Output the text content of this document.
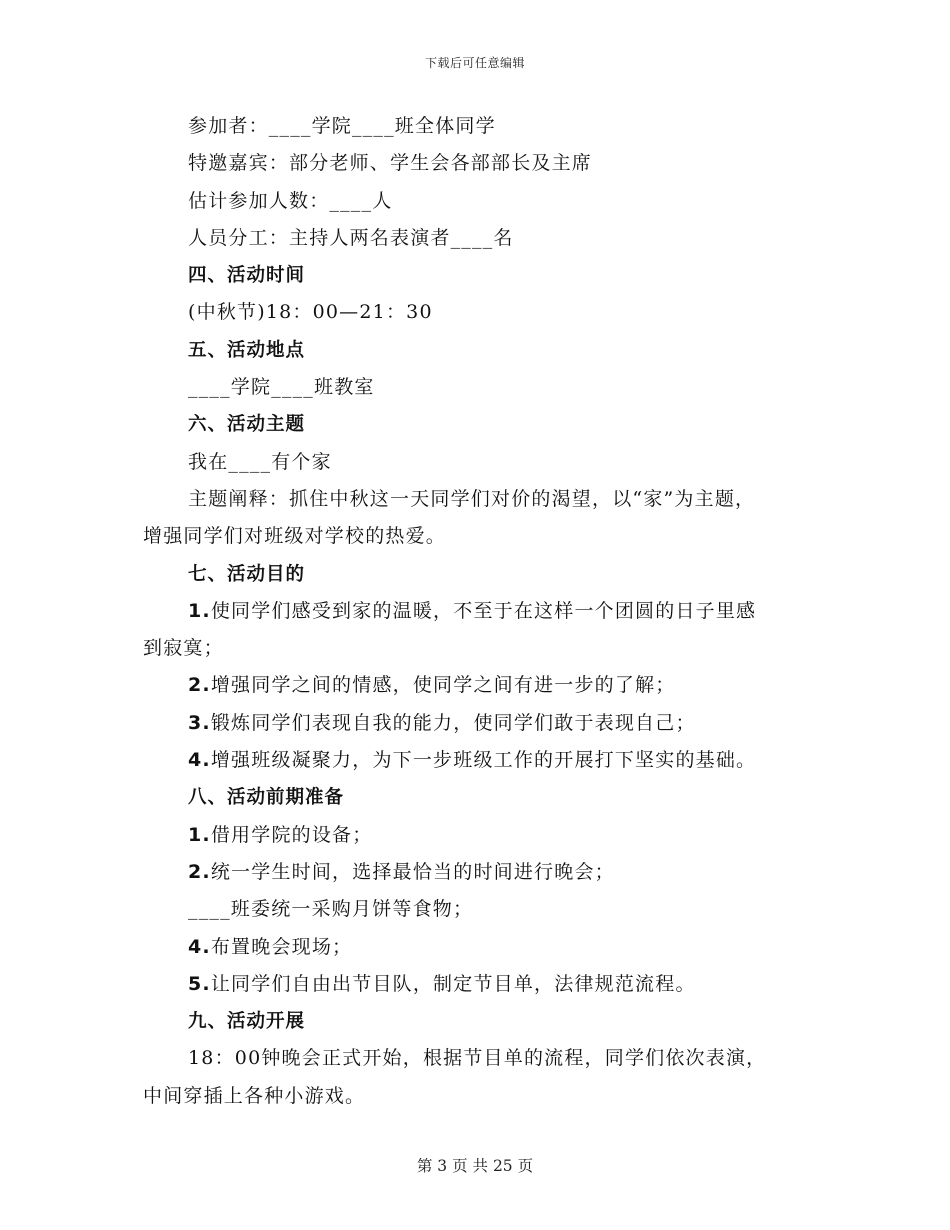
下载后可任意编辑
参加者：____学院____班全体同学
特邀嘉宾：部分老师、学生会各部部长及主席
估计参加人数：____人
人员分工：主持人两名表演者____名
四、活动时间
(中秋节)18：00—21：30
五、活动地点
____学院____班教室
六、活动主题
我在____有个家
主题阐释：抓住中秋这一天同学们对价的渴望，以“家”为主题，
增强同学们对班级对学校的热爱。
七、活动目的
1.使同学们感受到家的温暖，不至于在这样一个团圆的日子里感
到寂寞；
2.增强同学之间的情感，使同学之间有进一步的了解；
3.锻炼同学们表现自我的能力，使同学们敢于表现自己；
4.增强班级凝聚力，为下一步班级工作的开展打下坚实的基础。
八、活动前期准备
1.借用学院的设备；
2.统一学生时间，选择最恰当的时间进行晚会；
____班委统一采购月饼等食物；
4.布置晚会现场；
5.让同学们自由出节目队，制定节目单，法律规范流程。
九、活动开展
18：00钟晚会正式开始，根据节目单的流程，同学们依次表演，
中间穿插上各种小游戏。
第 3 页 共 25 页
